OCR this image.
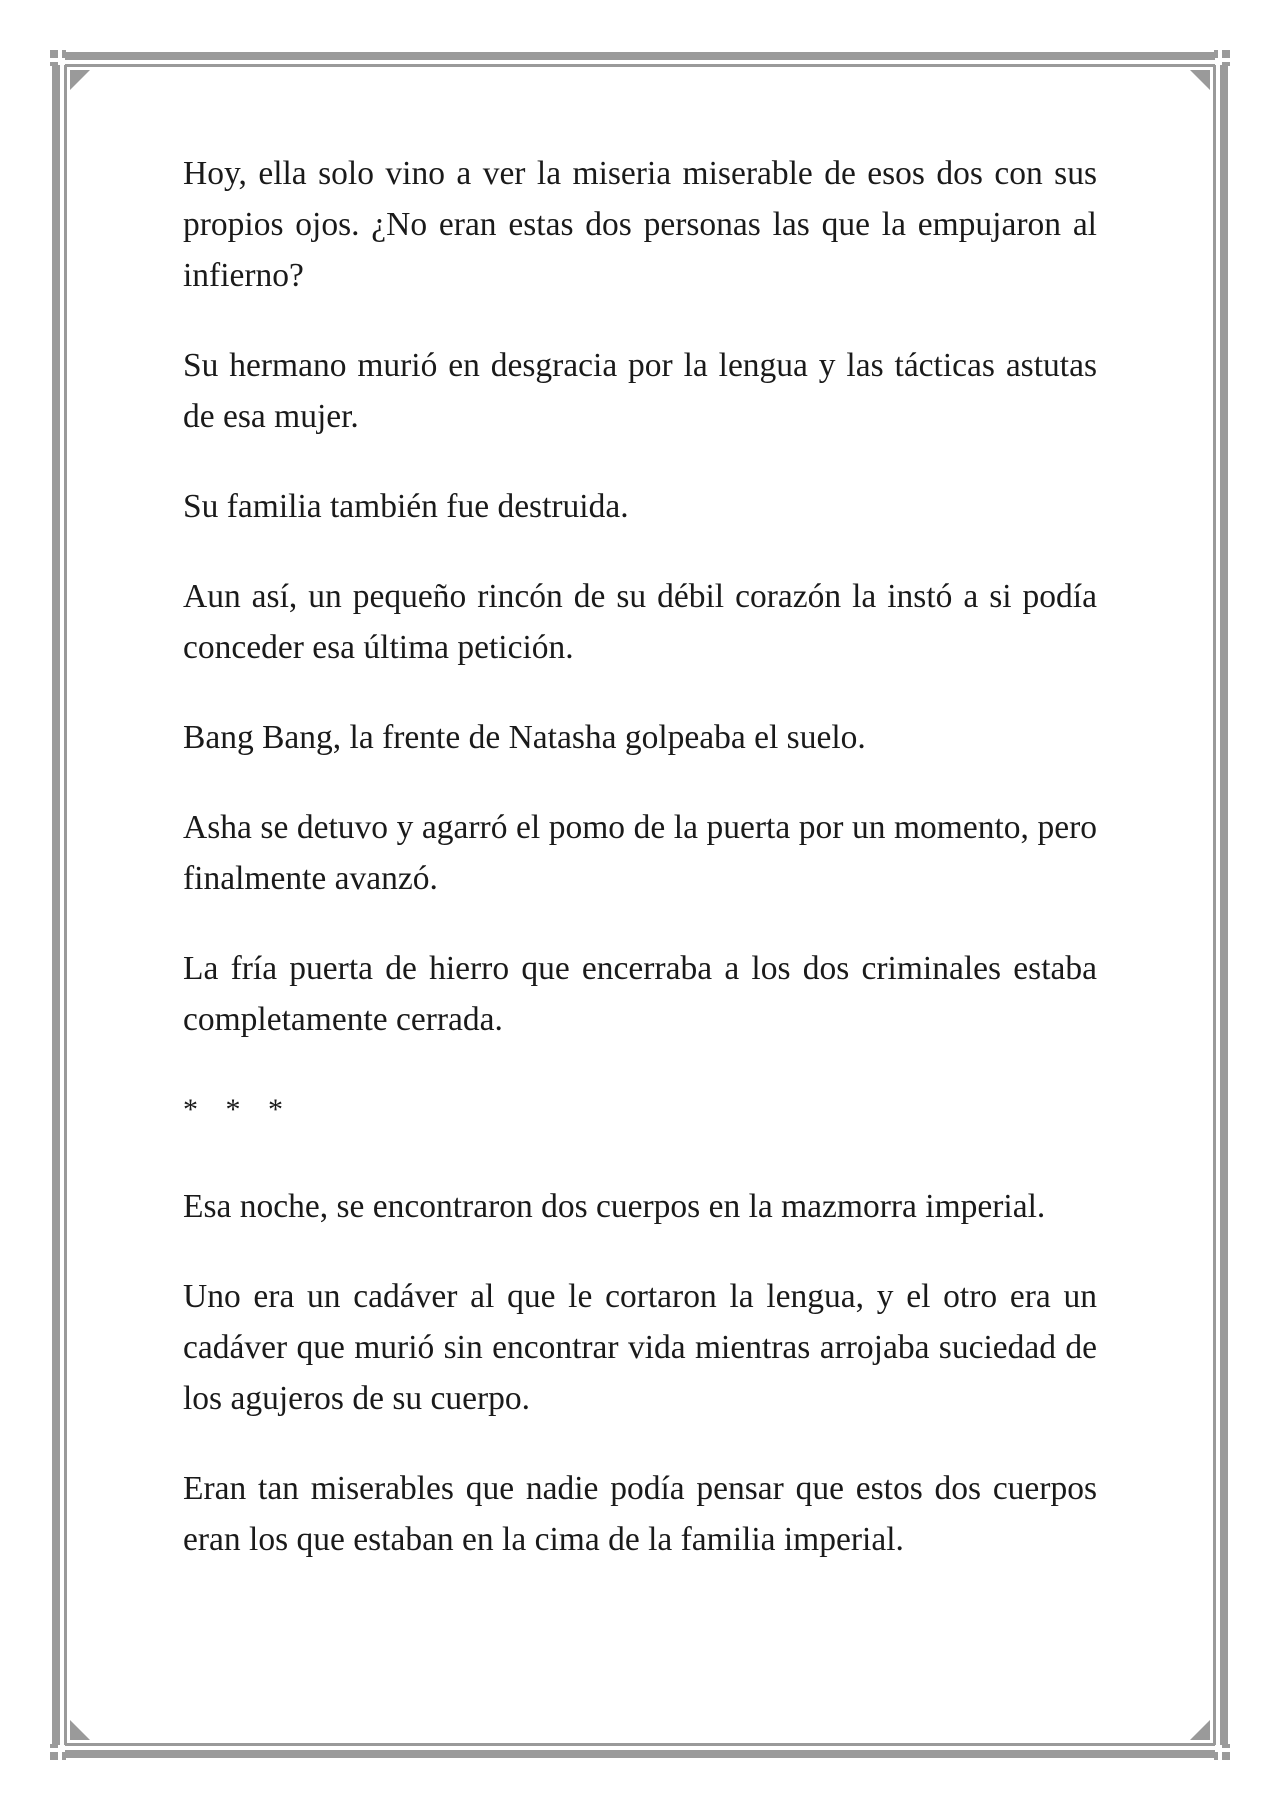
Hoy, ella solo vino a ver la miseria miserable de esos dos con sus propios ojos. ¿No eran estas dos personas las que la empujaron al infierno?

Su hermano murió en desgracia por la lengua y las tácticas astutas de esa mujer.

Su familia también fue destruida.

Aun así, un pequeño rincón de su débil corazón la instó a si podía conceder esa última petición.

Bang Bang, la frente de Natasha golpeaba el suelo.

Asha se detuvo y agarró el pomo de la puerta por un momento, pero finalmente avanzó.

La fría puerta de hierro que encerraba a los dos criminales estaba completamente cerrada.

* * *

Esa noche, se encontraron dos cuerpos en la mazmorra imperial.

Uno era un cadáver al que le cortaron la lengua, y el otro era un cadáver que murió sin encontrar vida mientras arrojaba suciedad de los agujeros de su cuerpo.

Eran tan miserables que nadie podía pensar que estos dos cuerpos eran los que estaban en la cima de la familia imperial.
